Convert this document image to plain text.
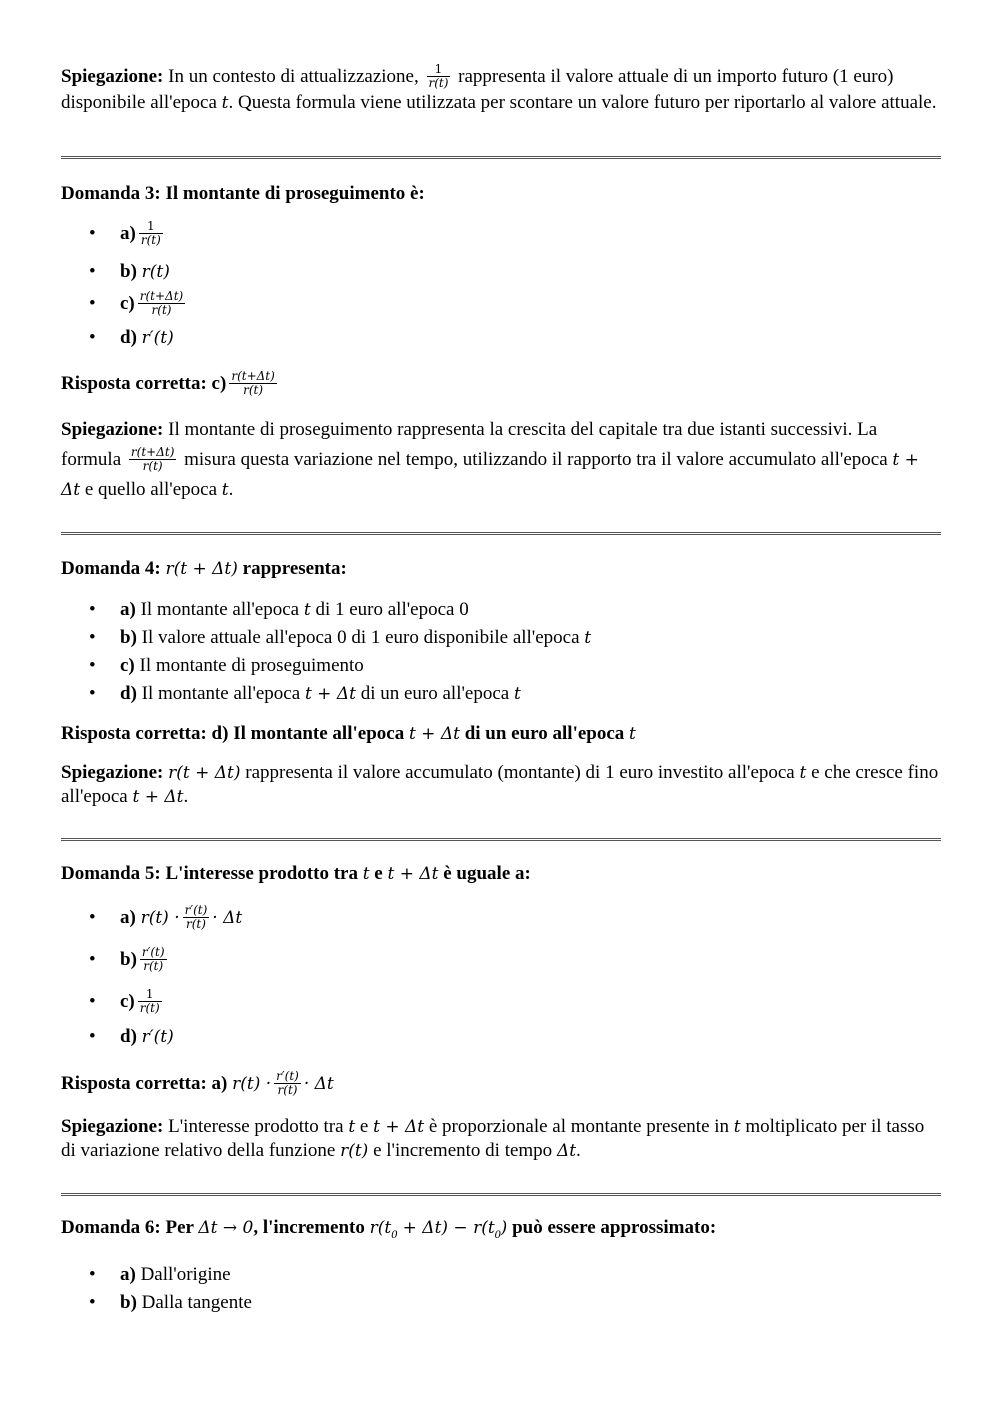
Spiegazione: In un contesto di attualizzazione, $\frac{1}{r(t)}$ rappresenta il valore attuale di un importo futuro (1 euro) disponibile all'epoca t. Questa formula viene utilizzata per scontare un valore futuro per riportarlo al valore attuale.

Domanda 3: Il montante di proseguimento è:

• $a) \frac{1}{r(t)}$
• b) r(t)
• $c) \frac{r(t+\Delta t)}{r(t)}$
• d) r′(t)

Risposta corretta: $c) \frac{r(t+\Delta t)}{r(t)}$

Spiegazione: Il montante di proseguimento rappresenta la crescita del capitale tra due istanti successivi. La formula $\frac{r(t+\Delta t)}{r(t)}$ misura questa variazione nel tempo, utilizzando il rapporto tra il valore accumulato all'epoca t + Δt e quello all'epoca t.

Domanda 4: r(t + Δt) rappresenta:

• a) Il montante all'epoca t di 1 euro all'epoca 0
• b) Il valore attuale all'epoca 0 di 1 euro disponibile all'epoca t
• c) Il montante di proseguimento
• d) Il montante all'epoca t + Δt di un euro all'epoca t

Risposta corretta: d) Il montante all'epoca t + Δt di un euro all'epoca t

Spiegazione: r(t + Δt) rappresenta il valore accumulato (montante) di 1 euro investito all'epoca t e che cresce fino all'epoca t + Δt.

Domanda 5: L'interesse prodotto tra t e t + Δt è uguale a:

• a) $r(t) \cdot \frac{r'(t)}{r(t)} \cdot \Delta t$
• $b) \frac{r'(t)}{r(t)}$
• $c) \frac{1}{r(t)}$
• d) r′(t)

Risposta corretta: a) $r(t) \cdot \frac{r'(t)}{r(t)} \cdot \Delta t$

Spiegazione: L'interesse prodotto tra t e t + Δt è proporzionale al montante presente in t moltiplicato per il tasso di variazione relativo della funzione r(t) e l'incremento di tempo Δt.

Domanda 6: Per Δt → 0, l'incremento $r(t_0 + \Delta t) - r(t_0)$ può essere approssimato:

• a) Dall'origine
• b) Dalla tangente
